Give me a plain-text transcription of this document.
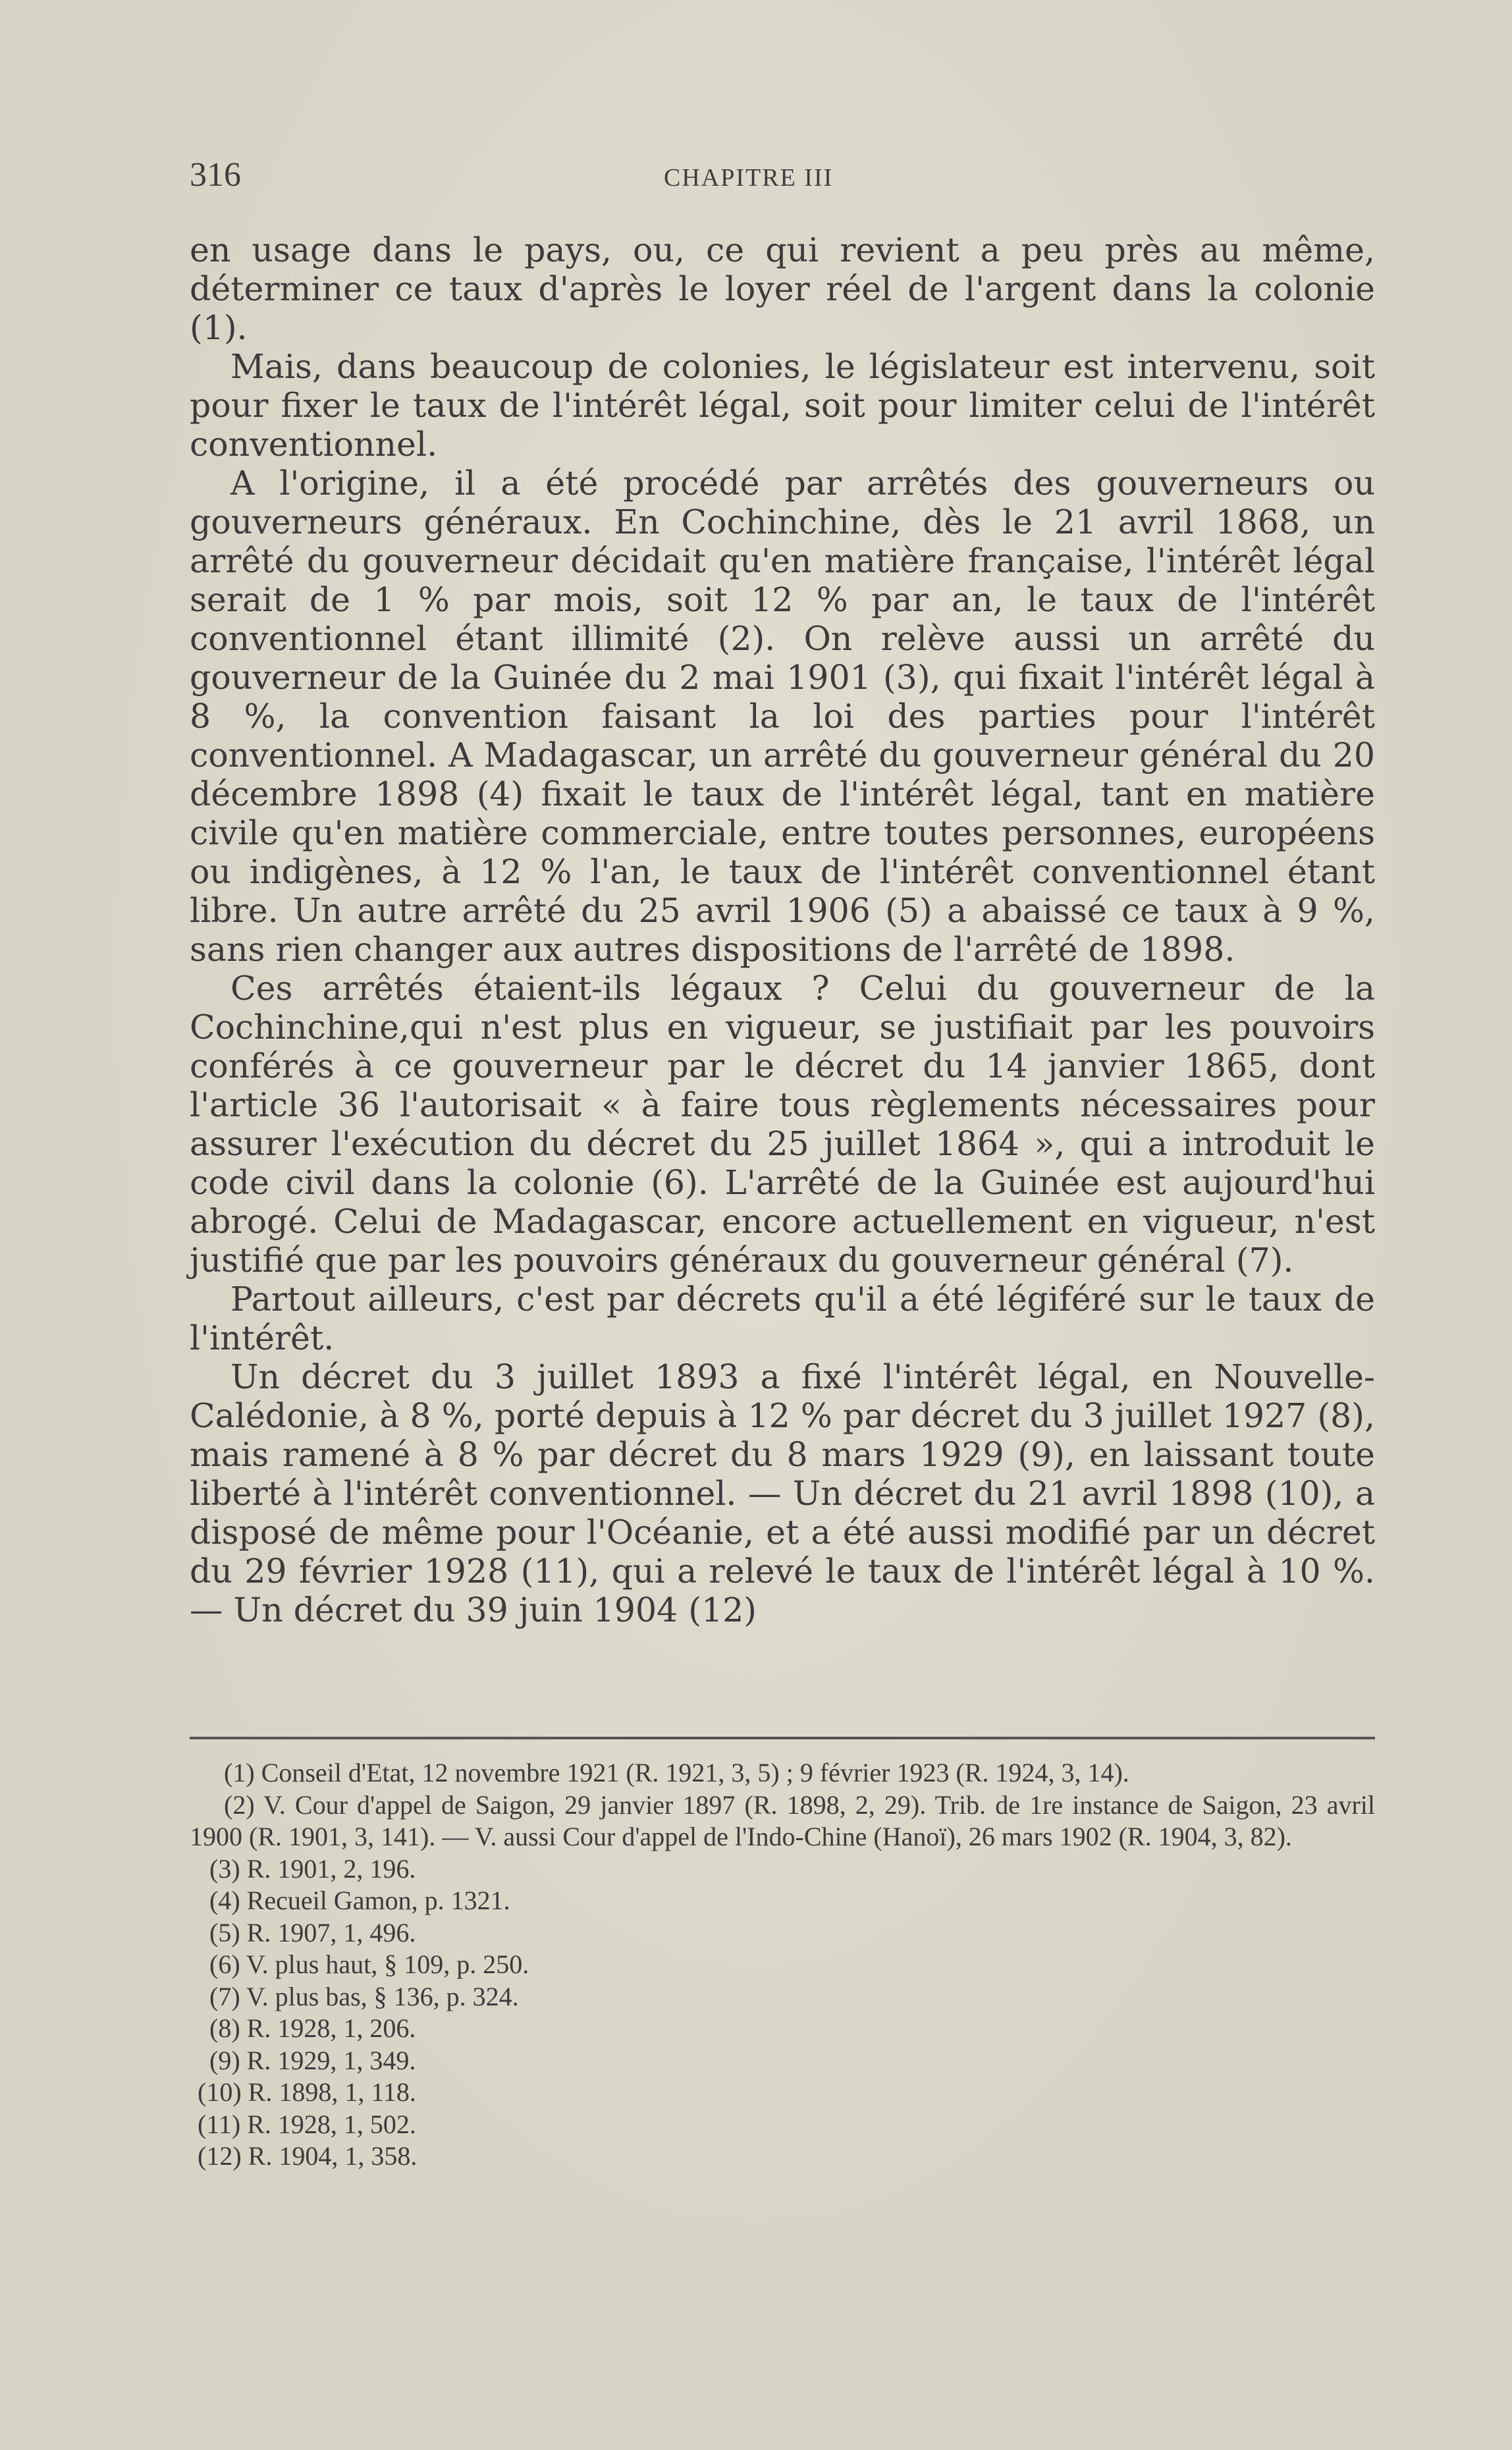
316	CHAPITRE III

en usage dans le pays, ou, ce qui revient a peu près au même, déterminer ce taux d'après le loyer réel de l'argent dans la colonie (1).

Mais, dans beaucoup de colonies, le législateur est intervenu, soit pour fixer le taux de l'intérêt légal, soit pour limiter celui de l'intérêt conventionnel.

A l'origine, il a été procédé par arrêtés des gouverneurs ou gouverneurs généraux. En Cochinchine, dès le 21 avril 1868, un arrêté du gouverneur décidait qu'en matière française, l'intérêt légal serait de 1 % par mois, soit 12 % par an, le taux de l'intérêt conventionnel étant illimité (2). On relève aussi un arrêté du gouverneur de la Guinée du 2 mai 1901 (3), qui fixait l'intérêt légal à 8 %, la convention faisant la loi des parties pour l'intérêt conventionnel. A Madagascar, un arrêté du gouverneur général du 20 décembre 1898 (4) fixait le taux de l'intérêt légal, tant en matière civile qu'en matière commerciale, entre toutes personnes, européens ou indigènes, à 12 % l'an, le taux de l'intérêt conventionnel étant libre. Un autre arrêté du 25 avril 1906 (5) a abaissé ce taux à 9 %, sans rien changer aux autres dispositions de l'arrêté de 1898.

Ces arrêtés étaient-ils légaux ? Celui du gouverneur de la Cochinchine,qui n'est plus en vigueur, se justifiait par les pouvoirs conférés à ce gouverneur par le décret du 14 janvier 1865, dont l'article 36 l'autorisait « à faire tous règlements nécessaires pour assurer l'exécution du décret du 25 juillet 1864 », qui a introduit le code civil dans la colonie (6). L'arrêté de la Guinée est aujourd'hui abrogé. Celui de Madagascar, encore actuellement en vigueur, n'est justifié que par les pouvoirs généraux du gouverneur général (7).

Partout ailleurs, c'est par décrets qu'il a été légiféré sur le taux de l'intérêt.

Un décret du 3 juillet 1893 a fixé l'intérêt légal, en Nouvelle-Calédonie, à 8 %, porté depuis à 12 % par décret du 3 juillet 1927 (8), mais ramené à 8 % par décret du 8 mars 1929 (9), en laissant toute liberté à l'intérêt conventionnel. — Un décret du 21 avril 1898 (10), a disposé de même pour l'Océanie, et a été aussi modifié par un décret du 29 février 1928 (11), qui a relevé le taux de l'intérêt légal à 10 %. — Un décret du 39 juin 1904 (12)

(1) Conseil d'Etat, 12 novembre 1921 (R. 1921, 3, 5) ; 9 février 1923 (R. 1924, 3, 14).

(2) V. Cour d'appel de Saigon, 29 janvier 1897 (R. 1898, 2, 29). Trib. de 1re instance de Saigon, 23 avril 1900 (R. 1901, 3, 141). — V. aussi Cour d'appel de l'Indo-Chine (Hanoï), 26 mars 1902 (R. 1904, 3, 82).

(3) R. 1901, 2, 196.

(4) Recueil Gamon, p. 1321.

(5) R. 1907, 1, 496.

(6) V. plus haut, § 109, p. 250.

(7) V. plus bas, § 136, p. 324.

(8) R. 1928, 1, 206.

(9) R. 1929, 1, 349.

(10) R. 1898, 1, 118.

(11) R. 1928, 1, 502.

(12) R. 1904, 1, 358.
